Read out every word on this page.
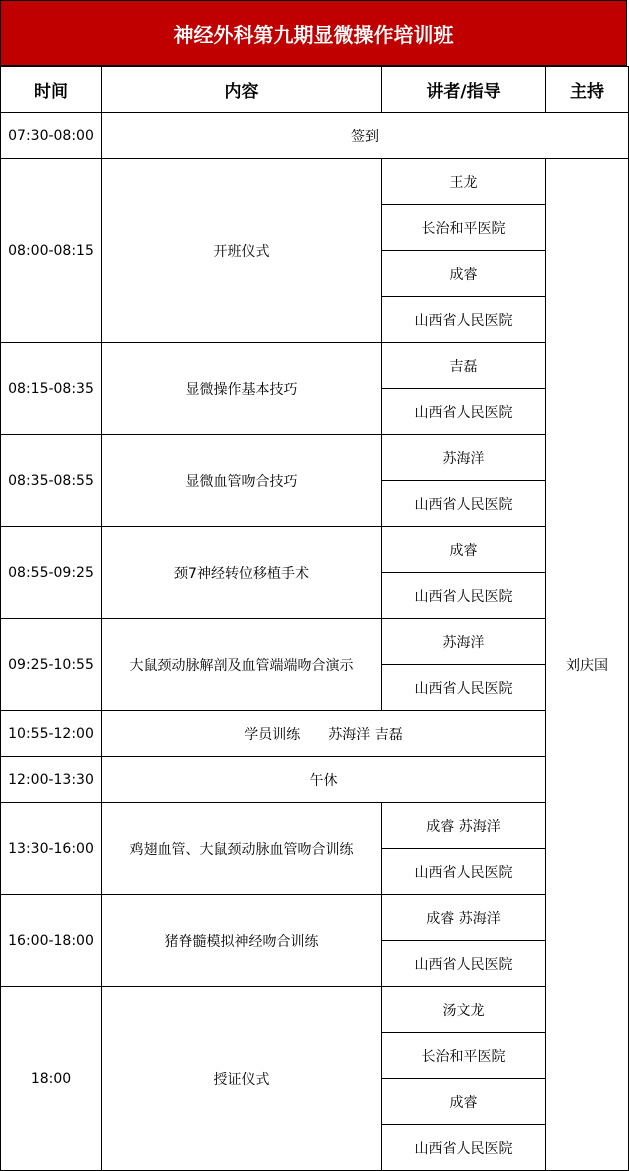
神经外科第九期显微操作培训班
时间	内容	讲者/指导	主持
07:30-08:00	签到		
08:00-08:15	开班仪式	王龙	刘庆国
		长治和平医院	
		成睿	
		山西省人民医院	
08:15-08:35	显微操作基本技巧	吉磊	
		山西省人民医院	
08:35-08:55	显微血管吻合技巧	苏海洋	
		山西省人民医院	
08:55-09:25	颈7神经转位移植手术	成睿	
		山西省人民医院	
09:25-10:55	大鼠颈动脉解剖及血管端端吻合演示	苏海洋	
		山西省人民医院	
10:55-12:00	学员训练 苏海洋 吉磊		
12:00-13:30	午休		
13:30-16:00	鸡翅血管、大鼠颈动脉血管吻合训练	成睿 苏海洋	
		山西省人民医院	
16:00-18:00	猪脊髓模拟神经吻合训练	成睿 苏海洋	
		山西省人民医院	
18:00	授证仪式	汤文龙	
		长治和平医院	
		成睿	
		山西省人民医院	
